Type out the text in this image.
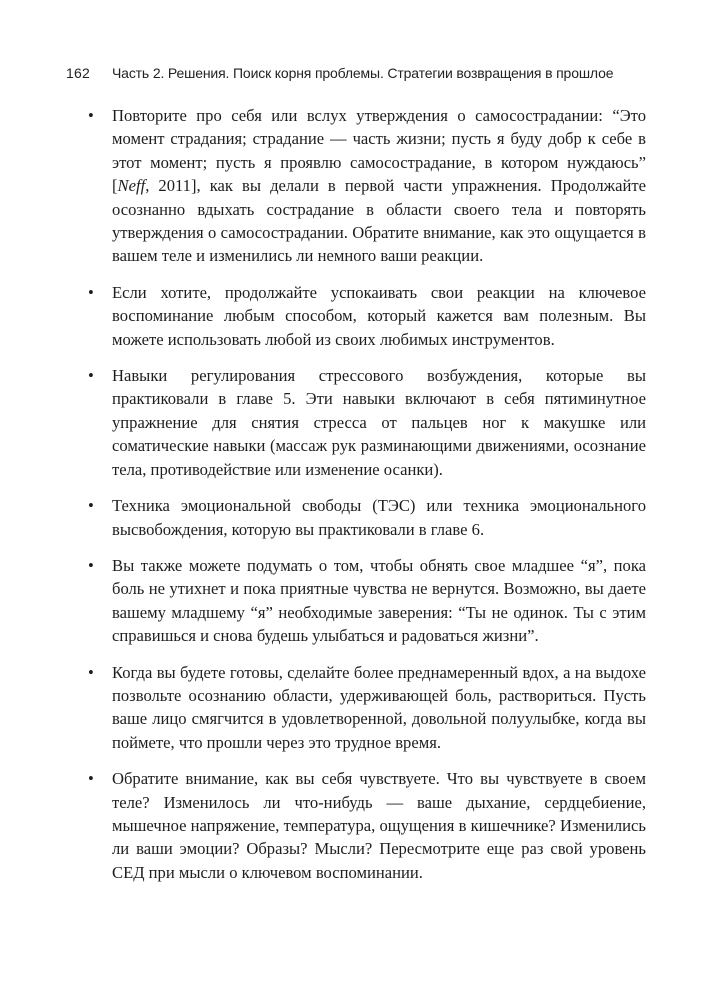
162 Часть 2. Решения. Поиск корня проблемы. Стратегии возвращения в прошлое
• Повторите про себя или вслух утверждения о самосострадании: “Это момент страдания; страдание — часть жизни; пусть я буду добр к себе в этот момент; пусть я проявлю самосострадание, в котором нуждаюсь” [Neff, 2011], как вы делали в первой части упражнения. Продолжайте осознанно вдыхать сострадание в области своего тела и повторять утверждения о самосострадании. Обратите внимание, как это ощущается в вашем теле и изменились ли немного ваши реакции.
• Если хотите, продолжайте успокаивать свои реакции на ключевое воспоминание любым способом, который кажется вам полезным. Вы можете использовать любой из своих любимых инструментов.
• Навыки регулирования стрессового возбуждения, которые вы практиковали в главе 5. Эти навыки включают в себя пятиминутное упражнение для снятия стресса от пальцев ног к макушке или соматические навыки (массаж рук разминающими движениями, осознание тела, противодействие или изменение осанки).
• Техника эмоциональной свободы (ТЭС) или техника эмоционального высвобождения, которую вы практиковали в главе 6.
• Вы также можете подумать о том, чтобы обнять свое младшее “я”, пока боль не утихнет и пока приятные чувства не вернутся. Возможно, вы даете вашему младшему “я” необходимые заверения: “Ты не одинок. Ты с этим справишься и снова будешь улыбаться и радоваться жизни”.
• Когда вы будете готовы, сделайте более преднамеренный вдох, а на выдохе позвольте осознанию области, удерживающей боль, раствориться. Пусть ваше лицо смягчится в удовлетворенной, довольной полуулыбке, когда вы поймете, что прошли через это трудное время.
• Обратите внимание, как вы себя чувствуете. Что вы чувствуете в своем теле? Изменилось ли что-нибудь — ваше дыхание, сердцебиение, мышечное напряжение, температура, ощущения в кишечнике? Изменились ли ваши эмоции? Образы? Мысли? Пересмотрите еще раз свой уровень СЕД при мысли о ключевом воспоминании.
